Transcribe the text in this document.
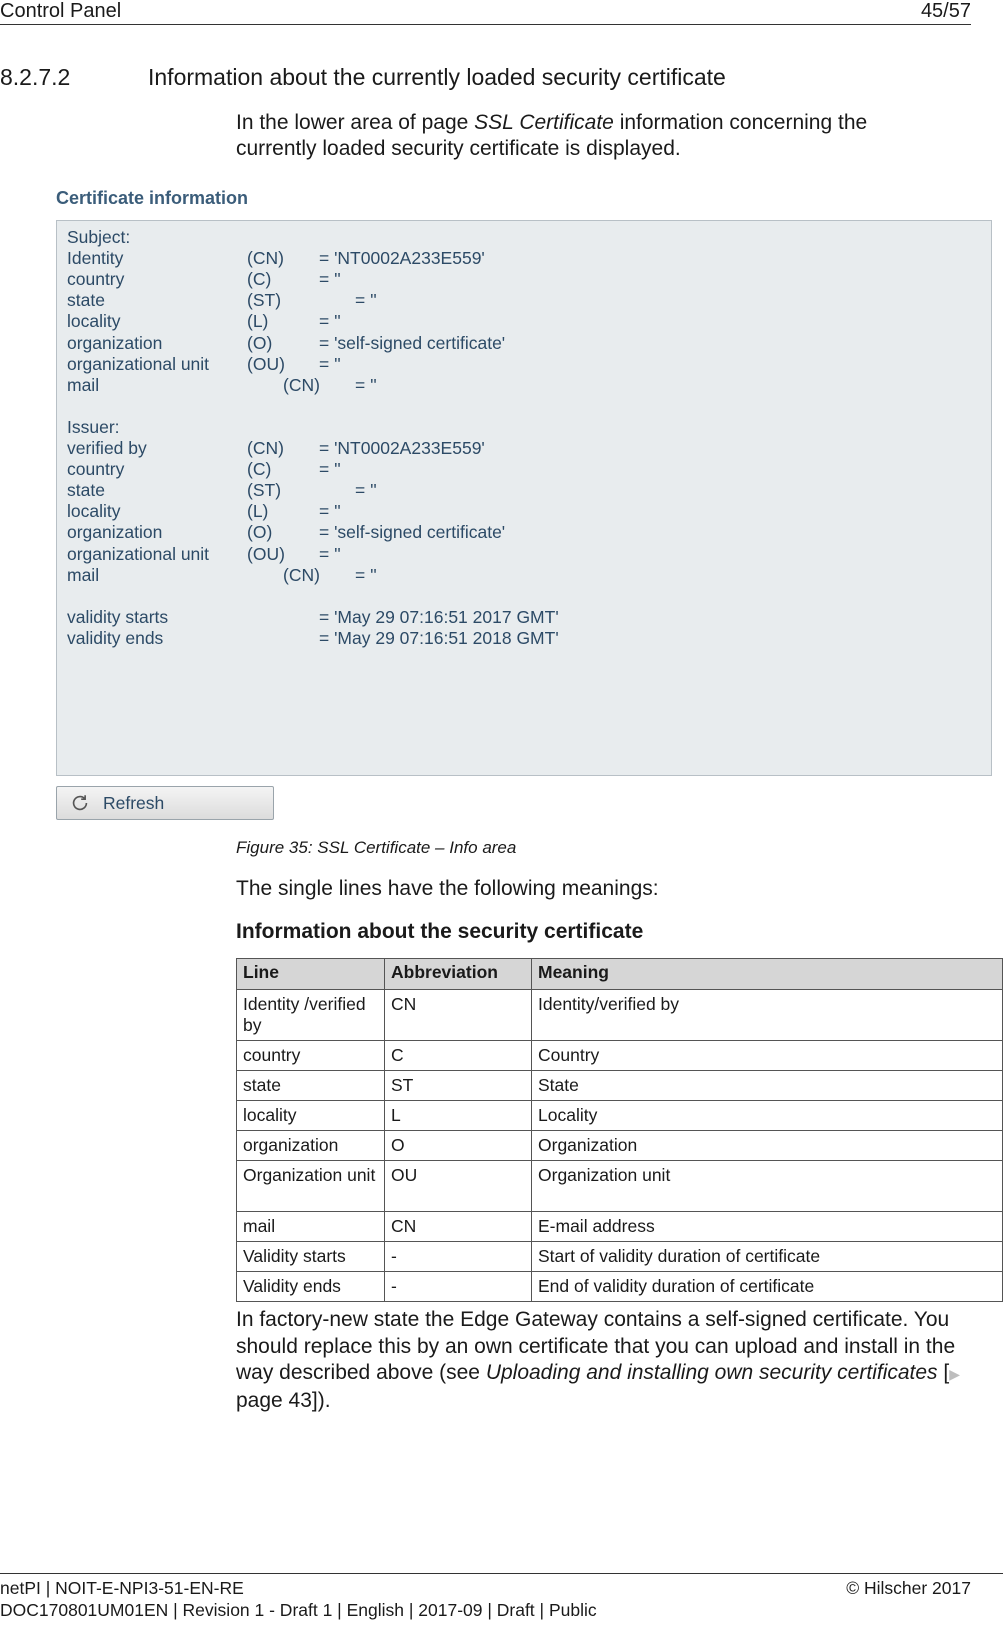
Control Panel	45/57
8.2.7.2	Information about the currently loaded security certificate
In the lower area of page SSL Certificate information concerning the currently loaded security certificate is displayed.
Certificate information
Subject:
Identity	(CN) = 'NT0002A233E559'
country	(C)	= ''
state	(ST)	= ''
locality	(L)	= ''
organization	(O)	= 'self-signed certificate'
organizational unit (OU) = ''
mail	(CN) = ''
Issuer:
verified by	(CN) = 'NT0002A233E559'
country	(C)	= ''
state	(ST)	= ''
locality	(L)	= ''
organization	(O)	= 'self-signed certificate'
organizational unit (OU) = ''
mail	(CN) = ''
validity starts	= 'May 29 07:16:51 2017 GMT'
validity ends	= 'May 29 07:16:51 2018 GMT'
Refresh
Figure 35: SSL Certificate – Info area
The single lines have the following meanings:
Information about the security certificate
Line	Abbreviation	Meaning
Identity /verified by	CN	Identity/verified by
country	C	Country
state	ST	State
locality	L	Locality
organization	O	Organization
Organization unit	OU	Organization unit
mail	CN	E-mail address
Validity starts	-	Start of validity duration of certificate
Validity ends	-	End of validity duration of certificate
In factory-new state the Edge Gateway contains a self-signed certificate. You should replace this by an own certificate that you can upload and install in the way described above (see Uploading and installing own security certificates [▶ page 43]).
netPI | NOIT-E-NPI3-51-EN-RE	© Hilscher 2017
DOC170801UM01EN | Revision 1 - Draft 1 | English | 2017-09 | Draft | Public
